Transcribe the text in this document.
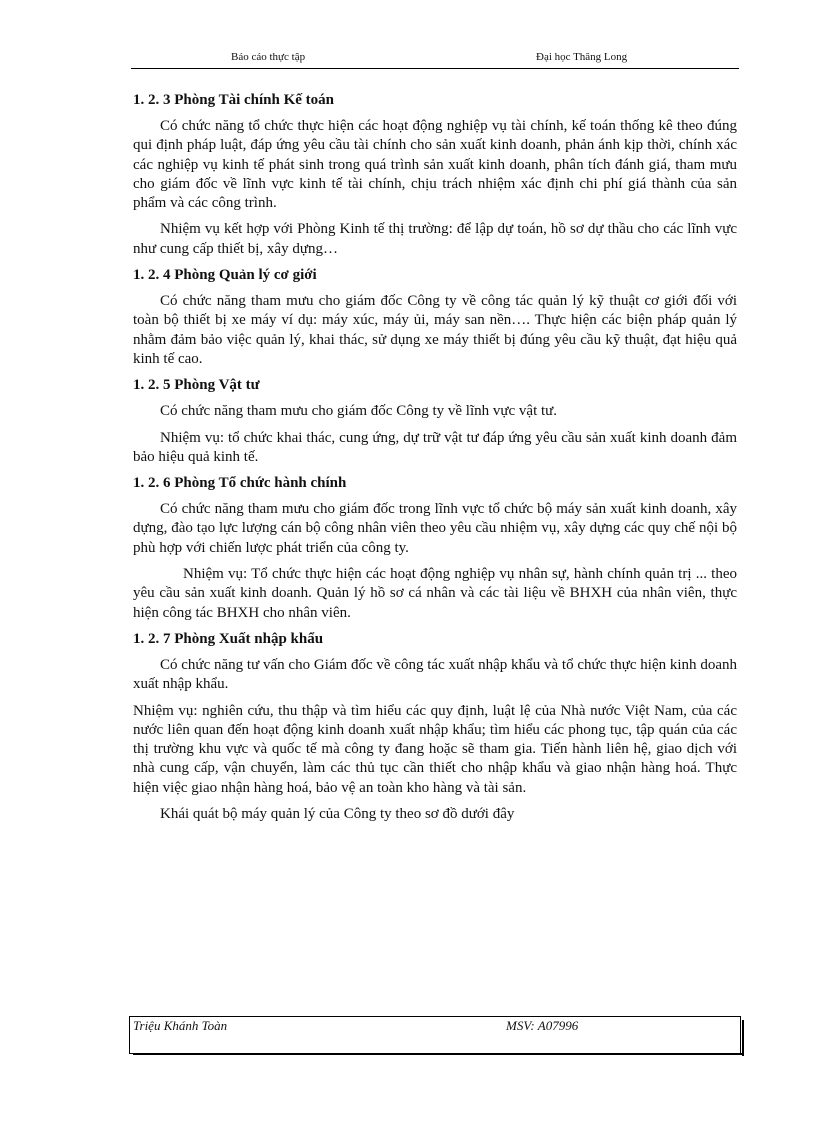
Báo cáo thực tập	Đại học Thăng Long
1. 2. 3 Phòng Tài chính Kế toán

Có chức năng tổ chức thực hiện các hoạt động nghiệp vụ tài chính, kế toán thống kê theo đúng qui định pháp luật, đáp ứng yêu cầu tài chính cho sản xuất kinh doanh, phản ánh kịp thời, chính xác các nghiệp vụ kinh tế phát sinh trong quá trình sản xuất kinh doanh, phân tích đánh giá, tham mưu cho giám đốc về lĩnh vực kinh tế tài chính, chịu trách nhiệm xác định chi phí giá thành của sản phẩm và các công trình.

Nhiệm vụ kết hợp với Phòng Kinh tế thị trường: để lập dự toán, hồ sơ dự thầu cho các lĩnh vực như cung cấp thiết bị, xây dựng…

1. 2. 4 Phòng Quản lý cơ giới

Có chức năng tham mưu cho giám đốc Công ty về công tác quản lý kỹ thuật cơ giới đối với toàn bộ thiết bị xe máy ví dụ: máy xúc, máy ủi, máy san nền…. Thực hiện các biện pháp quản lý nhằm đảm bảo việc quản lý, khai thác, sử dụng xe máy thiết bị đúng yêu cầu kỹ thuật, đạt hiệu quả kinh tế cao.

1. 2. 5 Phòng Vật tư

Có chức năng tham mưu cho giám đốc Công ty về lĩnh vực vật tư.

Nhiệm vụ: tổ chức khai thác, cung ứng, dự trữ vật tư đáp ứng yêu cầu sản xuất kinh doanh đảm bảo hiệu quả kinh tế.

1. 2. 6 Phòng Tổ chức hành chính

Có chức năng tham mưu cho giám đốc trong lĩnh vực tổ chức bộ máy sản xuất kinh doanh, xây dựng, đào tạo lực lượng cán bộ công nhân viên theo yêu cầu nhiệm vụ, xây dựng các quy chế nội bộ phù hợp với chiến lược phát triển của công ty.

Nhiệm vụ: Tổ chức thực hiện các hoạt động nghiệp vụ nhân sự, hành chính quản trị ... theo yêu cầu sản xuất kinh doanh. Quản lý hồ sơ cá nhân và các tài liệu về BHXH của nhân viên, thực hiện công tác BHXH cho nhân viên.

1. 2. 7 Phòng Xuất nhập khẩu

Có chức năng tư vấn cho Giám đốc về công tác xuất nhập khẩu và tổ chức thực hiện kinh doanh xuất nhập khẩu.

Nhiệm vụ: nghiên cứu, thu thập và tìm hiểu các quy định, luật lệ của Nhà nước Việt Nam, của các nước liên quan đến hoạt động kinh doanh xuất nhập khẩu; tìm hiểu các phong tục, tập quán của các thị trường khu vực và quốc tế mà công ty đang hoặc sẽ tham gia. Tiến hành liên hệ, giao dịch với nhà cung cấp, vận chuyển, làm các thủ tục cần thiết cho nhập khẩu và giao nhận hàng hoá. Thực hiện việc giao nhận hàng hoá, bảo vệ an toàn kho hàng và tài sản.

Khái quát bộ máy quản lý của Công ty theo sơ đồ dưới đây

Triệu Khánh Toàn	MSV: A07996
